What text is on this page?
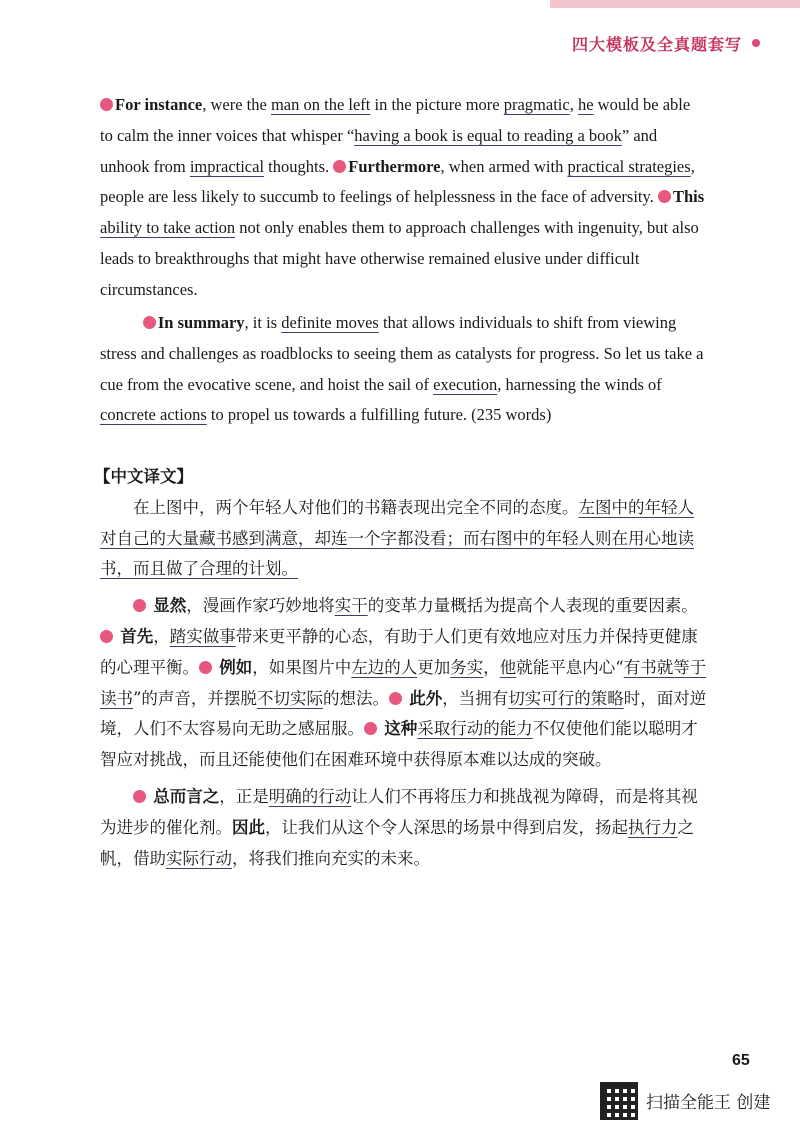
四大模板及全真题套写

For instance, were the man on the left in the picture more pragmatic, he would be able to calm the inner voices that whisper “having a book is equal to reading a book” and unhook from impractical thoughts. Furthermore, when armed with practical strategies, people are less likely to succumb to feelings of helplessness in the face of adversity. This ability to take action not only enables them to approach challenges with ingenuity, but also leads to breakthroughs that might have otherwise remained elusive under difficult circumstances.

In summary, it is definite moves that allows individuals to shift from viewing stress and challenges as roadblocks to seeing them as catalysts for progress. So let us take a cue from the evocative scene, and hoist the sail of execution, harnessing the winds of concrete actions to propel us towards a fulfilling future. (235 words)

【中文译文】

在上图中，两个年轻人对他们的书籍表现出完全不同的态度。左图中的年轻人对自己的大量藏书感到满意，却连一个字都没看；而右图中的年轻人则在用心地读书，而且做了合理的计划。

显然，漫画作家巧妙地将实干的变革力量概括为提高个人表现的重要因素。 首先，踏实做事带来更平静的心态，有助于人们更有效地应对压力并保持更健康的心理平衡。 例如，如果图片中左边的人更加务实，他就能平息内心“有书就等于读书”的声音，并摆脱不切实际的想法。 此外，当拥有切实可行的策略时，面对逆境，人们不太容易向无助之感屈服。 这种采取行动的能力不仅使他们能以聪明才智应对挑战，而且还能使他们在困难环境中获得原本难以达成的突破。

总而言之，正是明确的行动让人们不再将压力和挑战视为障碍，而是将其视为进步的催化剂。因此，让我们从这个令人深思的场景中得到启发，扬起执行力之帆，借助实际行动，将我们推向充实的未来。

65
扫描全能王 创建
